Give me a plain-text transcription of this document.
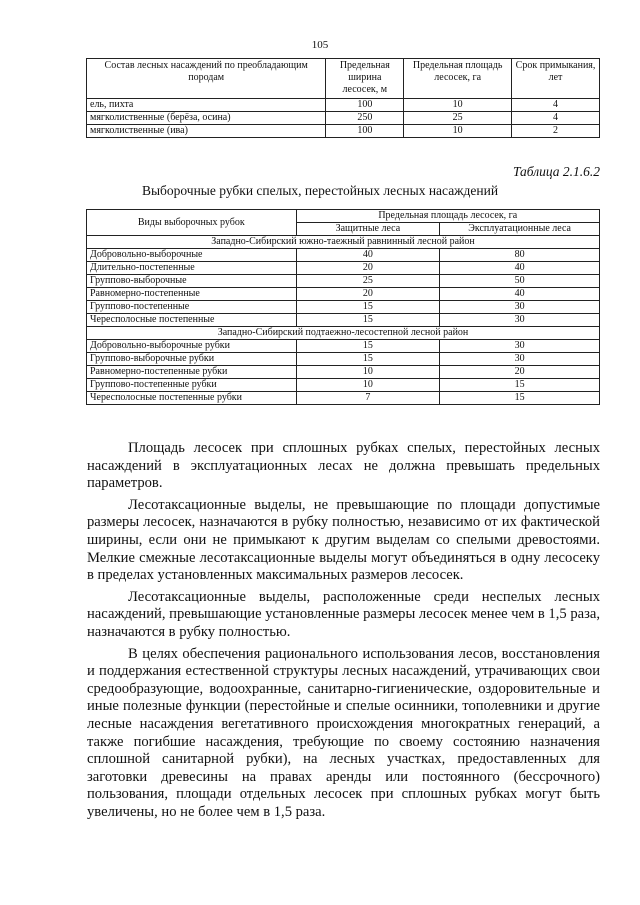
105
Состав лесных насаждений по преобладающим породам	Предельная ширина лесосек, м	Предельная площадь лесосек, га	Срок примыкания, лет
ель, пихта	100	10	4
мягколиственные (берёза, осина)	250	25	4
мягколиственные (ива)	100	10	2
Таблица 2.1.6.2
Выборочные рубки спелых, перестойных лесных насаждений
Виды выборочных рубок	Предельная площадь лесосек, га	
	Защитные леса	Эксплуатационные леса
Западно-Сибирский южно-таежный равнинный лесной район		
Добровольно-выборочные	40	80
Длительно-постепенные	20	40
Группово-выборочные	25	50
Равномерно-постепенные	20	40
Группово-постепенные	15	30
Чересполосные постепенные	15	30
Западно-Сибирский подтаежно-лесостепной лесной район		
Добровольно-выборочные рубки	15	30
Группово-выборочные рубки	15	30
Равномерно-постепенные рубки	10	20
Группово-постепенные рубки	10	15
Чересполосные постепенные рубки	7	15

Площадь лесосек при сплошных рубках спелых, перестойных лесных насаждений в эксплуатационных лесах не должна превышать предельных параметров.

Лесотаксационные выделы, не превышающие по площади допустимые размеры лесосек, назначаются в рубку полностью, независимо от их фактической ширины, если они не примыкают к другим выделам со спелыми древостоями. Мелкие смежные лесотаксационные выделы могут объединяться в одну лесосеку в пределах установленных максимальных размеров лесосек.

Лесотаксационные выделы, расположенные среди неспелых лесных насаждений, превышающие установленные размеры лесосек менее чем в 1,5 раза, назначаются в рубку полностью.

В целях обеспечения рационального использования лесов, восстановления и поддержания естественной структуры лесных насаждений, утрачивающих свои средообразующие, водоохранные, санитарно-гигиенические, оздоровительные и иные полезные функции (перестойные и спелые осинники, тополевники и другие лесные насаждения вегетативного происхождения многократных генераций, а также погибшие насаждения, требующие по своему состоянию назначения сплошной санитарной рубки), на лесных участках, предоставленных для заготовки древесины на правах аренды или постоянного (бессрочного) пользования, площади отдельных лесосек при сплошных рубках могут быть увеличены, но не более чем в 1,5 раза.
